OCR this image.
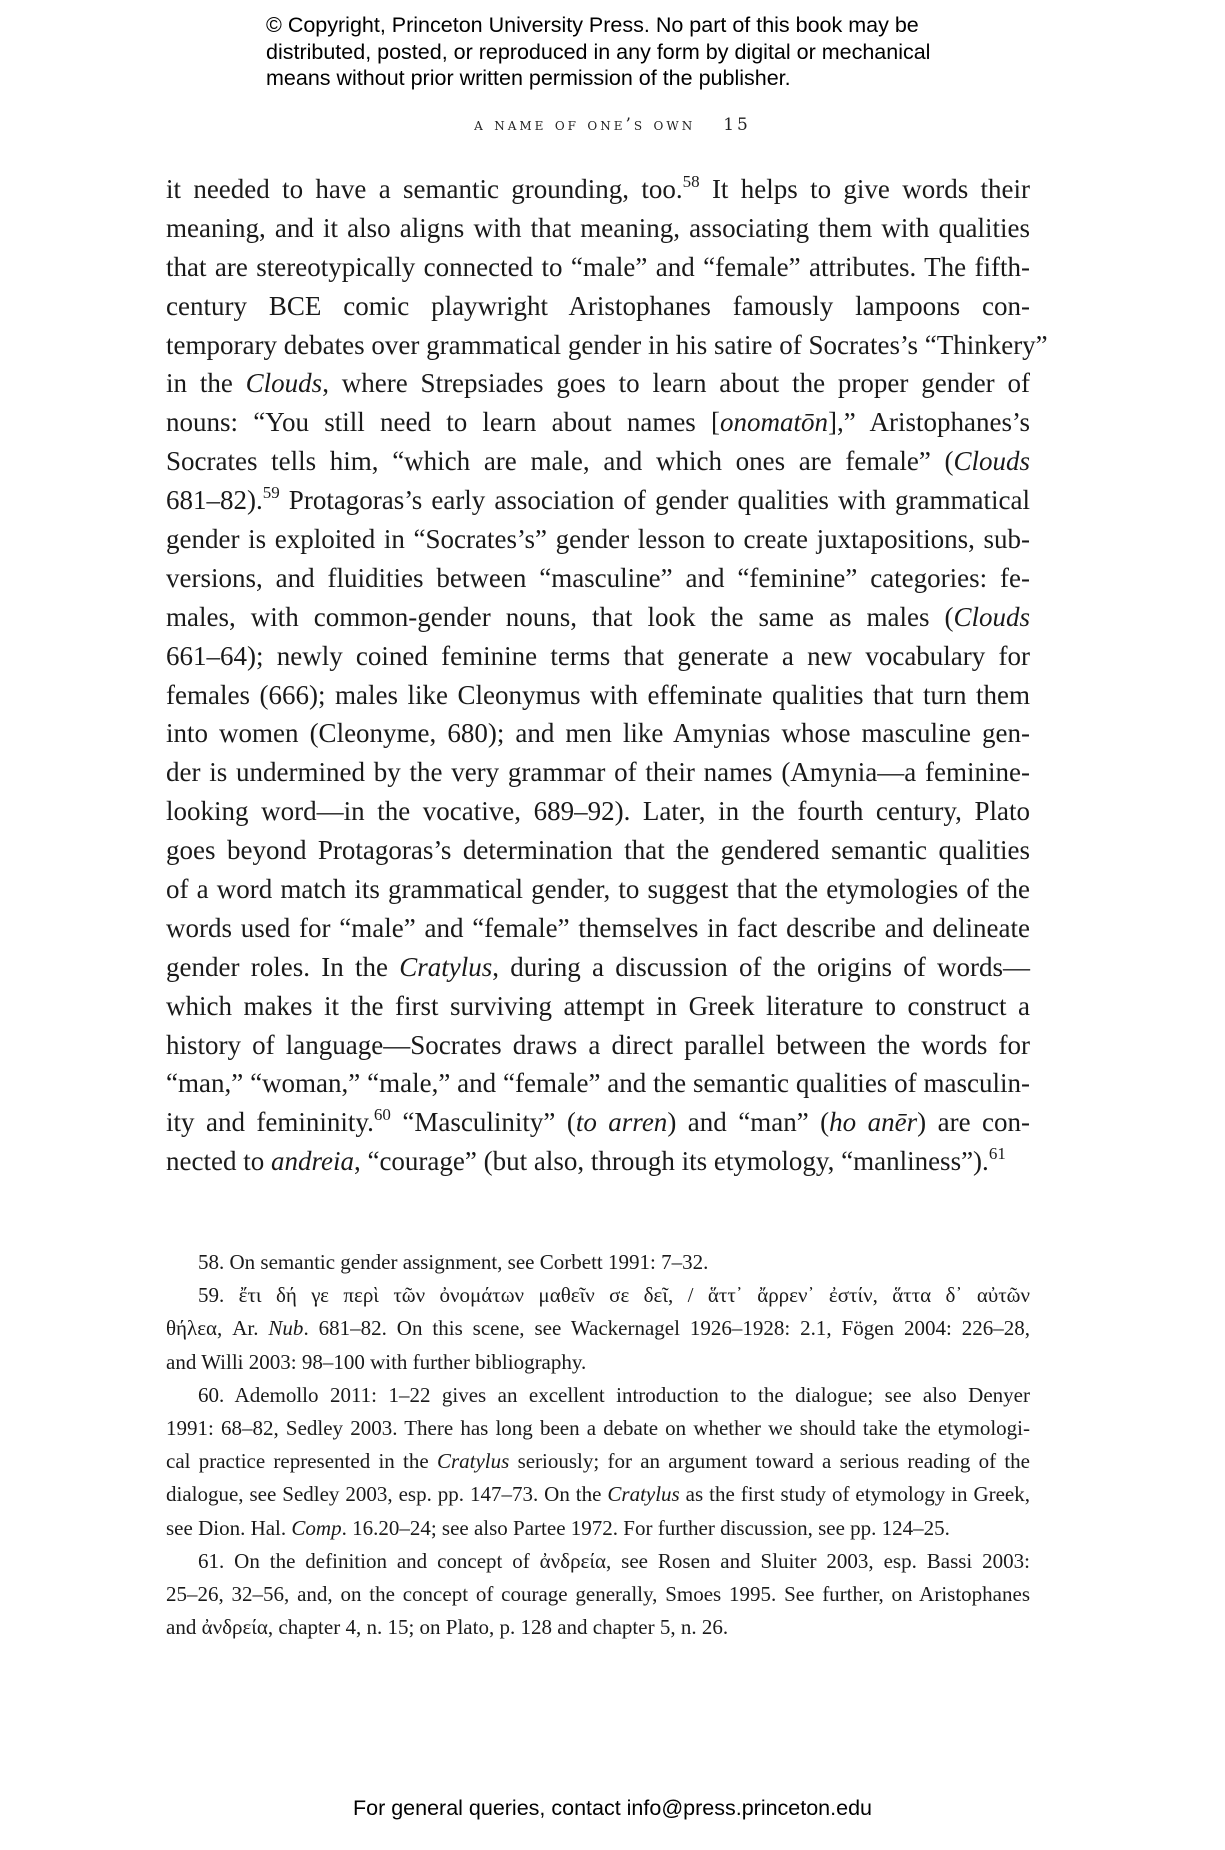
© Copyright, Princeton University Press. No part of this book may be
distributed, posted, or reproduced in any form by digital or mechanical
means without prior written permission of the publisher.
a name of one’s own 15
it needed to have a semantic grounding, too.$^{58}$ It helps to give words their
meaning, and it also aligns with that meaning, associating them with qualities
that are stereotypically connected to “male” and “female” attributes. The fifth-
century BCE comic playwright Aristophanes famously lampoons con-
temporary debates over grammatical gender in his satire of Socrates’s “Thinkery”
in the Clouds, where Strepsiades goes to learn about the proper gender of
nouns: “You still need to learn about names [onomatōn],” Aristophanes’s
Socrates tells him, “which are male, and which ones are female” (Clouds
681–82).$^{59}$ Protagoras’s early association of gender qualities with grammatical
gender is exploited in “Socrates’s” gender lesson to create juxtapositions, sub-
versions, and fluidities between “masculine” and “feminine” categories: fe-
males, with common-gender nouns, that look the same as males (Clouds
661–64); newly coined feminine terms that generate a new vocabulary for
females (666); males like Cleonymus with effeminate qualities that turn them
into women (Cleonyme, 680); and men like Amynias whose masculine gen-
der is undermined by the very grammar of their names (Amynia—a feminine-
looking word—in the vocative, 689–92). Later, in the fourth century, Plato
goes beyond Protagoras’s determination that the gendered semantic qualities
of a word match its grammatical gender, to suggest that the etymologies of the
words used for “male” and “female” themselves in fact describe and delineate
gender roles. In the Cratylus, during a discussion of the origins of words—
which makes it the first surviving attempt in Greek literature to construct a
history of language—Socrates draws a direct parallel between the words for
“man,” “woman,” “male,” and “female” and the semantic qualities of masculin-
ity and femininity.$^{60}$ “Masculinity” (to arren) and “man” (ho anēr) are con-
nected to andreia, “courage” (but also, through its etymology, “manliness”).$^{61}$
58. On semantic gender assignment, see Corbett 1991: 7–32.
59. ἔτι δή γε περὶ τῶν ὀνομάτων μαθεῖν σε δεῖ, / ἅττ᾽ ἄρρεν᾽ ἐστίν, ἅττα δ᾽ αὐτῶν
θήλεα, Ar. Nub. 681–82. On this scene, see Wackernagel 1926–1928: 2.1, Fögen 2004: 226–28,
and Willi 2003: 98–100 with further bibliography.
60. Ademollo 2011: 1–22 gives an excellent introduction to the dialogue; see also Denyer
1991: 68–82, Sedley 2003. There has long been a debate on whether we should take the etymologi-
cal practice represented in the Cratylus seriously; for an argument toward a serious reading of the
dialogue, see Sedley 2003, esp. pp. 147–73. On the Cratylus as the first study of etymology in Greek,
see Dion. Hal. Comp. 16.20–24; see also Partee 1972. For further discussion, see pp. 124–25.
61. On the definition and concept of ἀνδρεία, see Rosen and Sluiter 2003, esp. Bassi 2003:
25–26, 32–56, and, on the concept of courage generally, Smoes 1995. See further, on Aristophanes
and ἀνδρεία, chapter 4, n. 15; on Plato, p. 128 and chapter 5, n. 26.
For general queries, contact info@press.princeton.edu
